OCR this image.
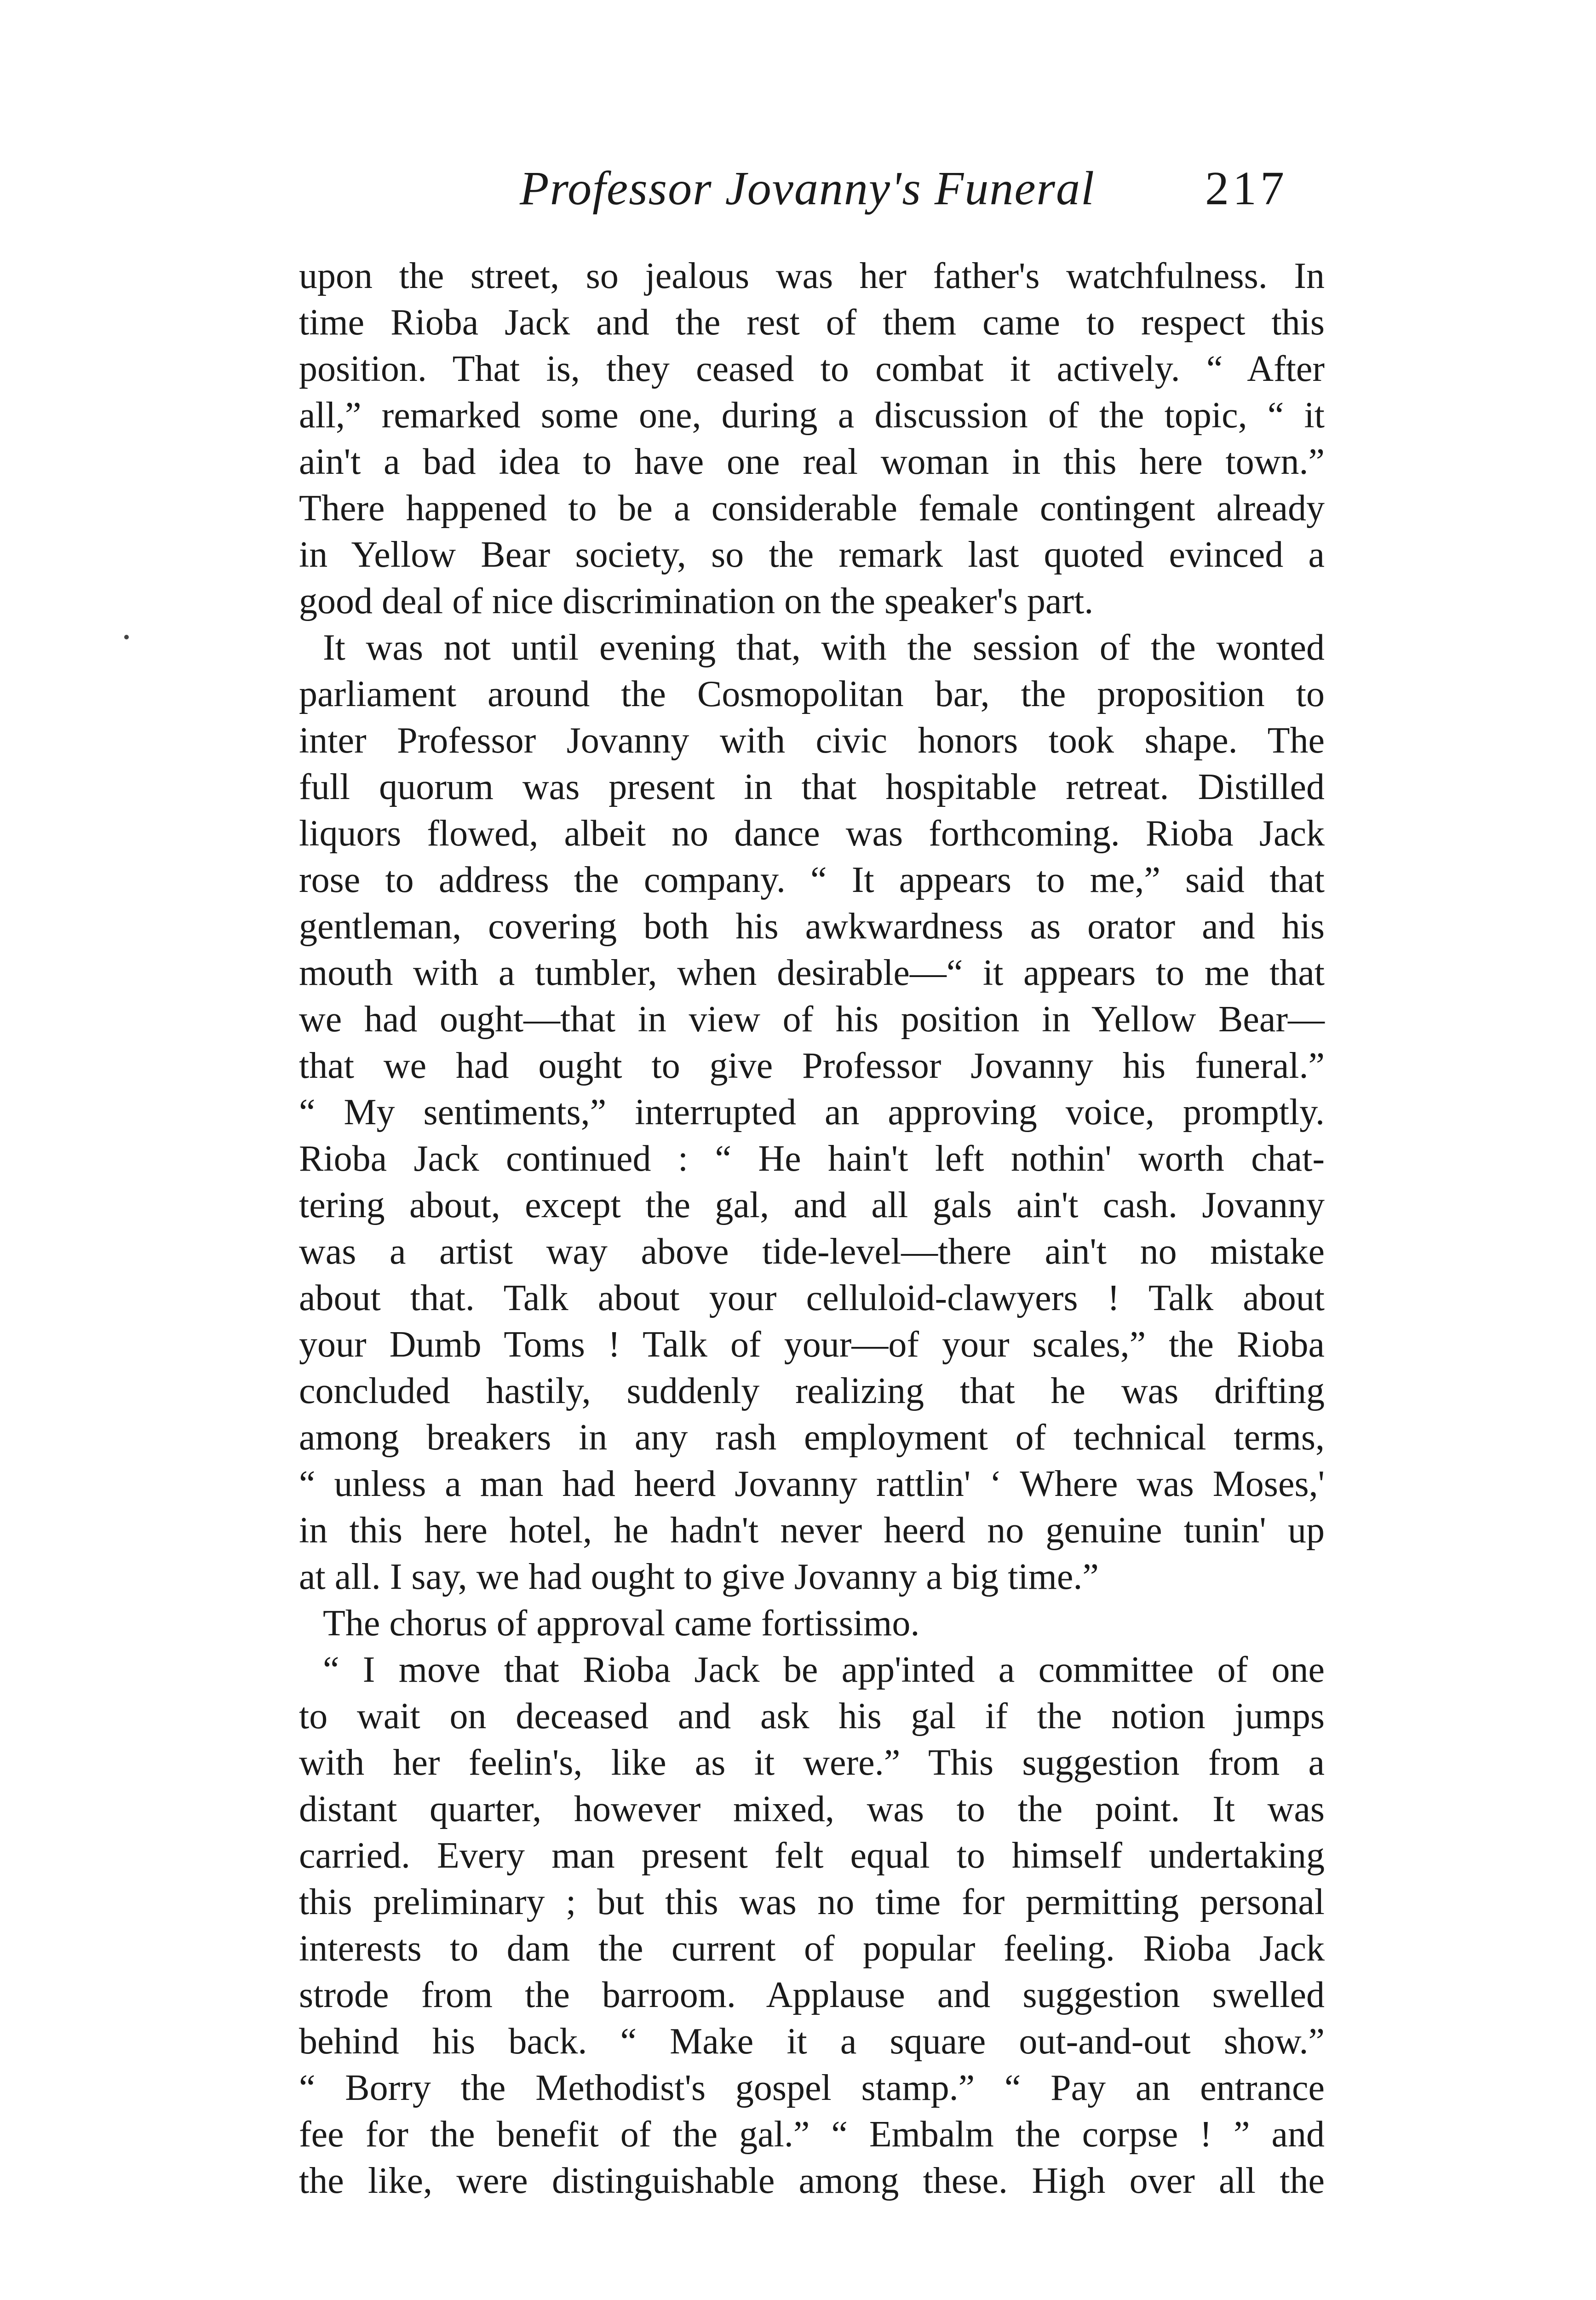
Professor Jovanny's Funeral 217
upon the street, so jealous was her father's watchfulness. In
time Rioba Jack and the rest of them came to respect this
position. That is, they ceased to combat it actively. “ After
all,” remarked some one, during a discussion of the topic, “ it
ain't a bad idea to have one real woman in this here town.”
There happened to be a considerable female contingent already
in Yellow Bear society, so the remark last quoted evinced a
good deal of nice discrimination on the speaker's part.
It was not until evening that, with the session of the wonted
parliament around the Cosmopolitan bar, the proposition to
inter Professor Jovanny with civic honors took shape. The
full quorum was present in that hospitable retreat. Distilled
liquors flowed, albeit no dance was forthcoming. Rioba Jack
rose to address the company. “ It appears to me,” said that
gentleman, covering both his awkwardness as orator and his
mouth with a tumbler, when desirable—“ it appears to me that
we had ought—that in view of his position in Yellow Bear—
that we had ought to give Professor Jovanny his funeral.”
“ My sentiments,” interrupted an approving voice, promptly.
Rioba Jack continued : “ He hain't left nothin' worth chat-
tering about, except the gal, and all gals ain't cash. Jovanny
was a artist way above tide-level—there ain't no mistake
about that. Talk about your celluloid-clawyers ! Talk about
your Dumb Toms ! Talk of your—of your scales,” the Rioba
concluded hastily, suddenly realizing that he was drifting
among breakers in any rash employment of technical terms,
“ unless a man had heerd Jovanny rattlin' ‘ Where was Moses,'
in this here hotel, he hadn't never heerd no genuine tunin' up
at all. I say, we had ought to give Jovanny a big time.”
The chorus of approval came fortissimo.
“ I move that Rioba Jack be app'inted a committee of one
to wait on deceased and ask his gal if the notion jumps
with her feelin's, like as it were.” This suggestion from a
distant quarter, however mixed, was to the point. It was
carried. Every man present felt equal to himself undertaking
this preliminary ; but this was no time for permitting personal
interests to dam the current of popular feeling. Rioba Jack
strode from the barroom. Applause and suggestion swelled
behind his back. “ Make it a square out-and-out show.”
“ Borry the Methodist's gospel stamp.” “ Pay an entrance
fee for the benefit of the gal.” “ Embalm the corpse ! ” and
the like, were distinguishable among these. High over all the
